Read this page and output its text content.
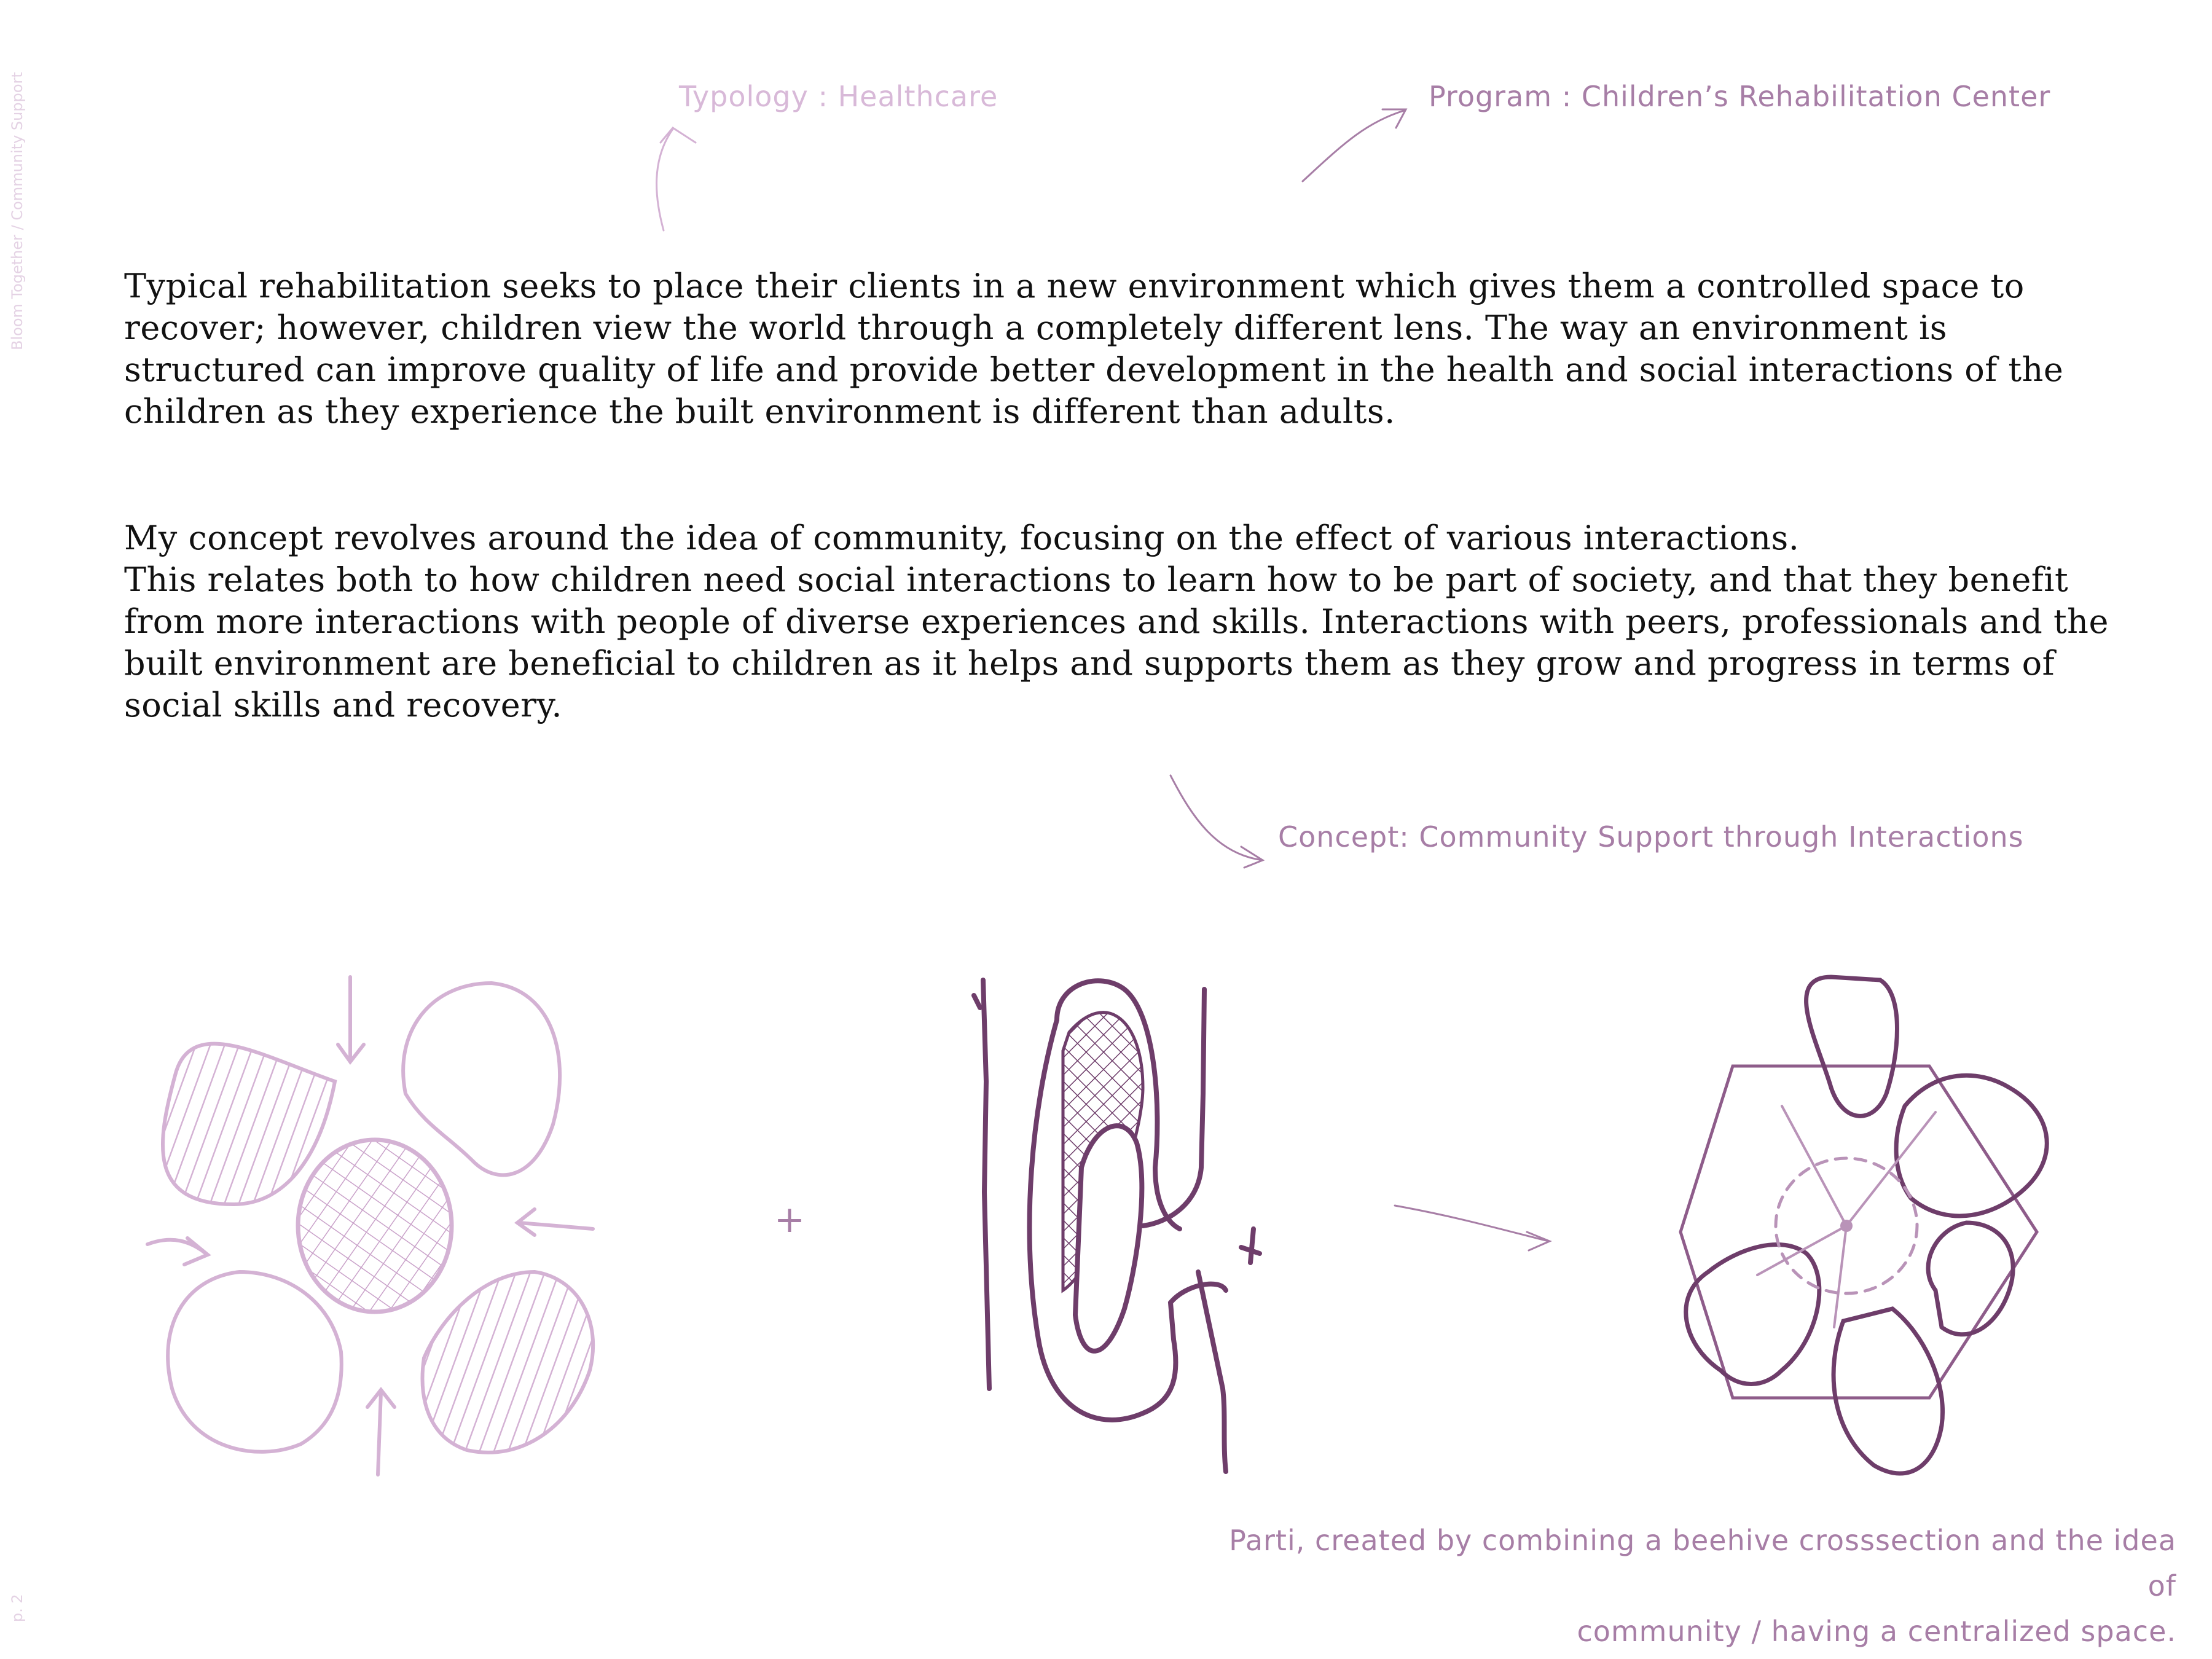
Bloom Together / Community Support
p. 2
Typology : Healthcare	Program : Children’s Rehabilitation Center

Typical rehabilitation seeks to place their clients in a new environment which gives them a controlled space to recover; however, children view the world through a completely different lens. The way an environment is structured can improve quality of life and provide better development in the health and social interactions of the children as they experience the built environment is different than adults.

My concept revolves around the idea of community, focusing on the effect of various interactions.
This relates both to how children need social interactions to learn how to be part of society, and that they benefit from more interactions with people of diverse experiences and skills. Interactions with peers, professionals and the built environment are beneficial to children as it helps and supports them as they grow and progress in terms of social skills and recovery.

Concept: Community Support through Interactions
Parti, created by combining a beehive crosssection and the idea of
community / having a centralized space.
+
